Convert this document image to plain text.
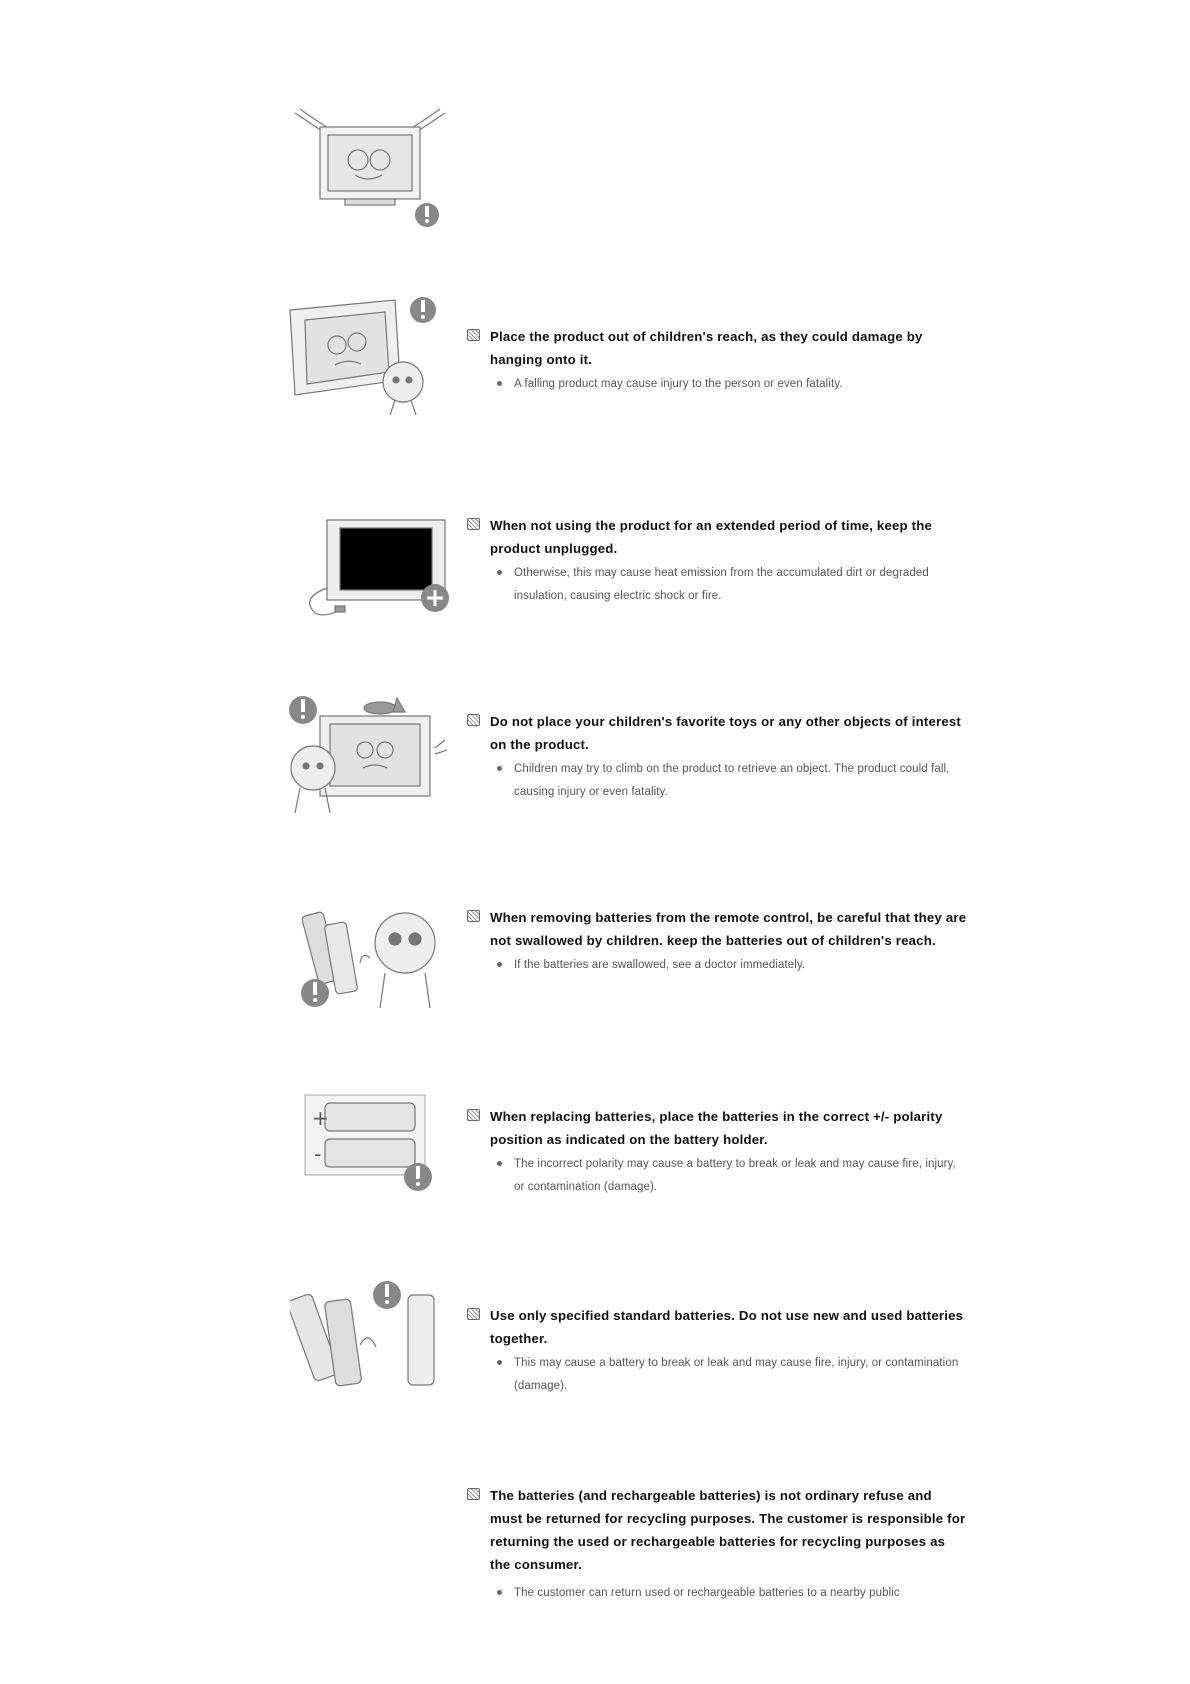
+
-
Place the product out of children's reach, as they could damage by hanging onto it.
A falling product may cause injury to the person or even fatality.
When not using the product for an extended period of time, keep the product unplugged.
Otherwise, this may cause heat emission from the accumulated dirt or degraded insulation, causing electric shock or fire.
Do not place your children's favorite toys or any other objects of interest on the product.
Children may try to climb on the product to retrieve an object. The product could fall, causing injury or even fatality.
When removing batteries from the remote control, be careful that they are not swallowed by children. keep the batteries out of children's reach.
If the batteries are swallowed, see a doctor immediately.
When replacing batteries, place the batteries in the correct +/- polarity position as indicated on the battery holder.
The incorrect polarity may cause a battery to break or leak and may cause fire, injury, or contamination (damage).
Use only specified standard batteries. Do not use new and used batteries together.
This may cause a battery to break or leak and may cause fire, injury, or contamination (damage).
The batteries (and rechargeable batteries) is not ordinary refuse and must be returned for recycling purposes. The customer is responsible for returning the used or rechargeable batteries for recycling purposes as the consumer.
The customer can return used or rechargeable batteries to a nearby public
